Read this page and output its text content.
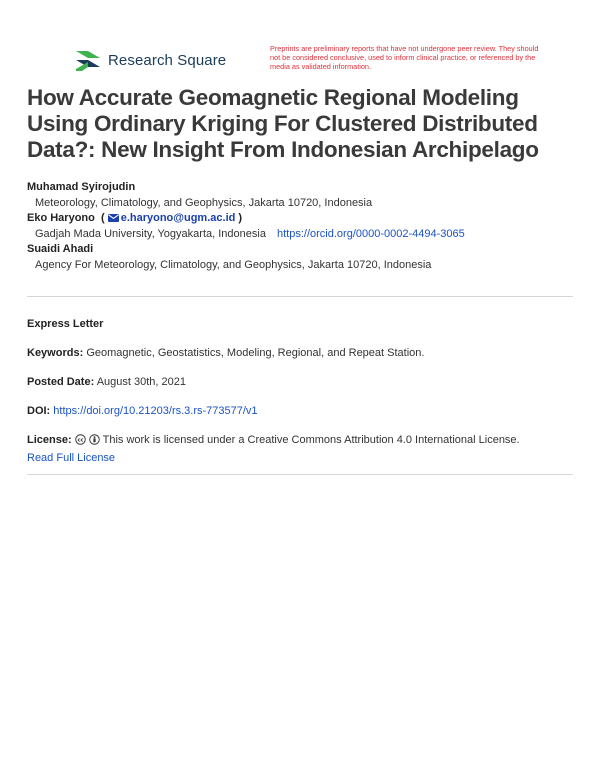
Research Square
Preprints are preliminary reports that have not undergone peer review. They should not be considered conclusive, used to inform clinical practice, or referenced by the media as validated information.
How Accurate Geomagnetic Regional Modeling Using Ordinary Kriging For Clustered Distributed Data?: New Insight From Indonesian Archipelago
Muhamad Syirojudin
Meteorology, Climatology, and Geophysics, Jakarta 10720, Indonesia
Eko Haryono  ( e.haryono@ugm.ac.id )
Gadjah Mada University, Yogyakarta, Indonesia https://orcid.org/0000-0002-4494-3065
Suaidi Ahadi
Agency For Meteorology, Climatology, and Geophysics, Jakarta 10720, Indonesia
Express Letter
Keywords: Geomagnetic, Geostatistics, Modeling, Regional, and Repeat Station.
Posted Date: August 30th, 2021
DOI: https://doi.org/10.21203/rs.3.rs-773577/v1
License: cc This work is licensed under a Creative Commons Attribution 4.0 International License.
Read Full License
